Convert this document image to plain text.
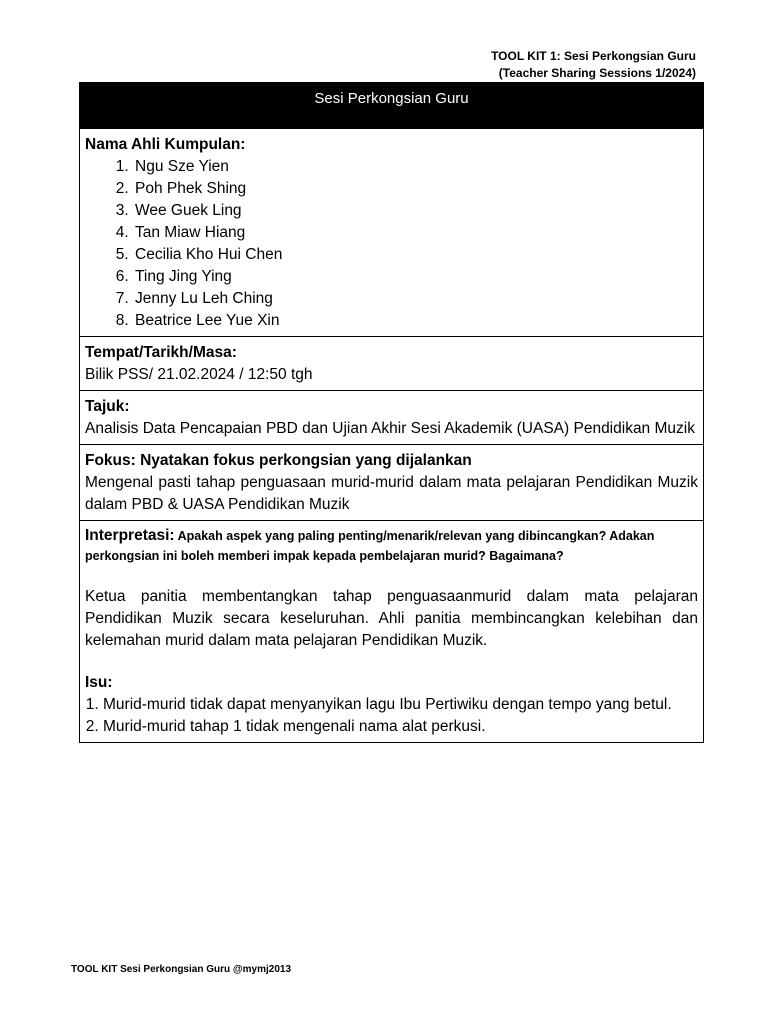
TOOL KIT 1: Sesi Perkongsian Guru
(Teacher Sharing Sessions 1/2024)
Sesi Perkongsian Guru

Nama Ahli Kumpulan:
1. Ngu Sze Yien
2. Poh Phek Shing
3. Wee Guek Ling
4. Tan Miaw Hiang
5. Cecilia Kho Hui Chen
6. Ting Jing Ying
7. Jenny Lu Leh Ching
8. Beatrice Lee Yue Xin

Tempat/Tarikh/Masa:
Bilik PSS/ 21.02.2024 / 12:50 tgh

Tajuk:
Analisis Data Pencapaian PBD dan Ujian Akhir Sesi Akademik (UASA) Pendidikan Muzik

Fokus: Nyatakan fokus perkongsian yang dijalankan
Mengenal pasti tahap penguasaan murid-murid dalam mata pelajaran Pendidikan Muzik dalam PBD & UASA Pendidikan Muzik

Interpretasi: Apakah aspek yang paling penting/menarik/relevan yang dibincangkan? Adakan perkongsian ini boleh memberi impak kepada pembelajaran murid? Bagaimana?
Ketua panitia membentangkan tahap penguasaanmurid dalam mata pelajaran Pendidikan Muzik secara keseluruhan. Ahli panitia membincangkan kelebihan dan kelemahan murid dalam mata pelajaran Pendidikan Muzik.
Isu:
1. Murid-murid tidak dapat menyanyikan lagu Ibu Pertiwiku dengan tempo yang betul.
2. Murid-murid tahap 1 tidak mengenali nama alat perkusi.
TOOL KIT Sesi Perkongsian Guru @mymj2013
